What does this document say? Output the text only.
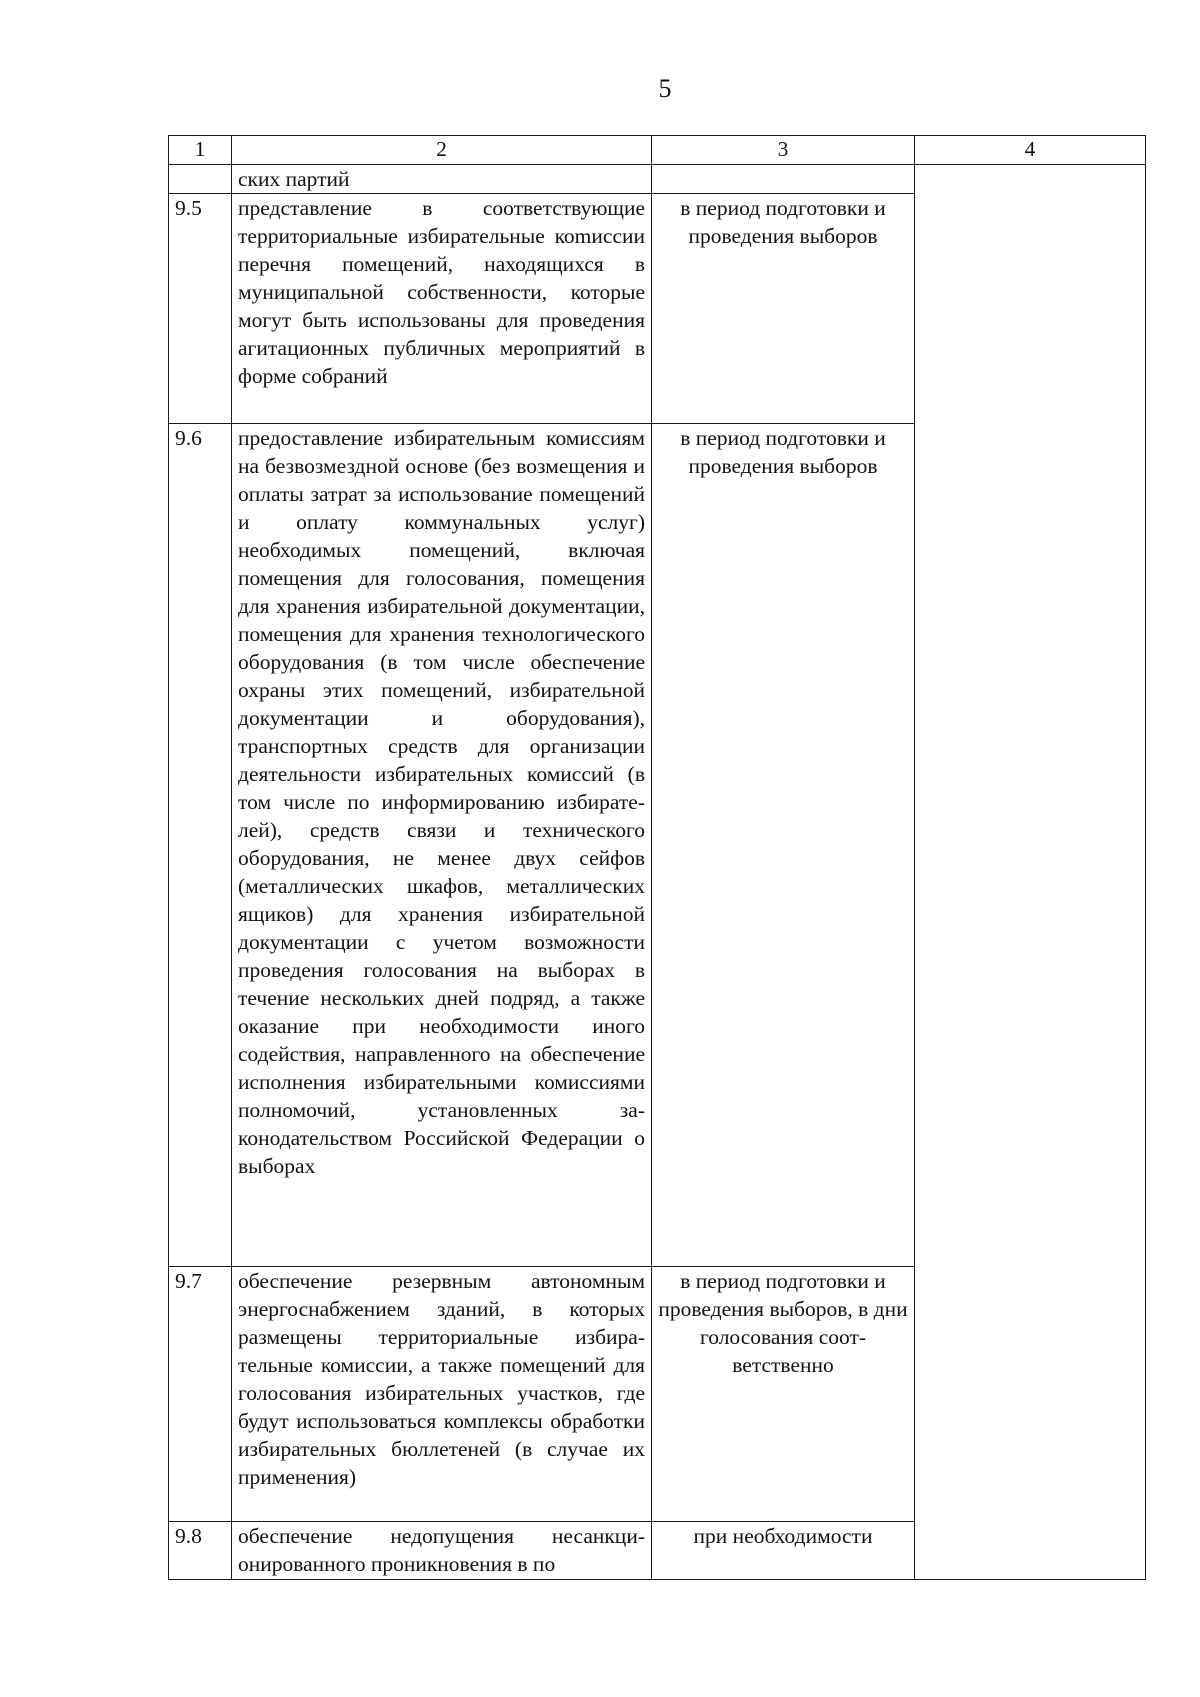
5
1	2	3	4
	ских партий		
9.5	представление в соответствующие территориальные избирательные коmиссии перечня помещений, находящихся в муниципальной собственности, которые могут быть использованы для проведения агитационных публичных мероприятий в форме собраний	в период подготовки и проведения выборов	
9.6	предоставление избирательным комиссиям на безвозмездной основе (без возмещения и оплаты затрат за использование помещений и оплату коммунальных услуг) необходимых помещений, включая помещения для голосования, помещения для хранения избирательной документации, помещения для хранения технологического оборудования (в том числе обеспечение охраны этих помещений, избирательной документации и оборудования), транспортных средств для организации деятельности избирательных комиссий (в том числе по информированию избирателей), средств связи и технического оборудования, не менее двух сейфов (металлических шкафов, металлических ящиков) для хранения избирательной документации с учетом возможности проведения голосования на выборах в течение нескольких дней подряд, а также оказание при необходимости иного содействия, направленного на обеспечение исполнения избирательными комиссиями полномочий, установленных законодательством Российской Федерации о выборах	в период подготовки и проведения выборов	
9.7	обеспечение резервным автономным энергоснабжением зданий, в которых размещены территориальные избирательные комиссии, а также помещений для голосования избирательных участков, где будут использоваться комплексы обработки избирательных бюллетеней (в случае их применения)	в период подготовки и проведения выборов, в дни голосования соответственно	
9.8	обеспечение недопущения несанкционированного проникновения в по	при необходимости	
